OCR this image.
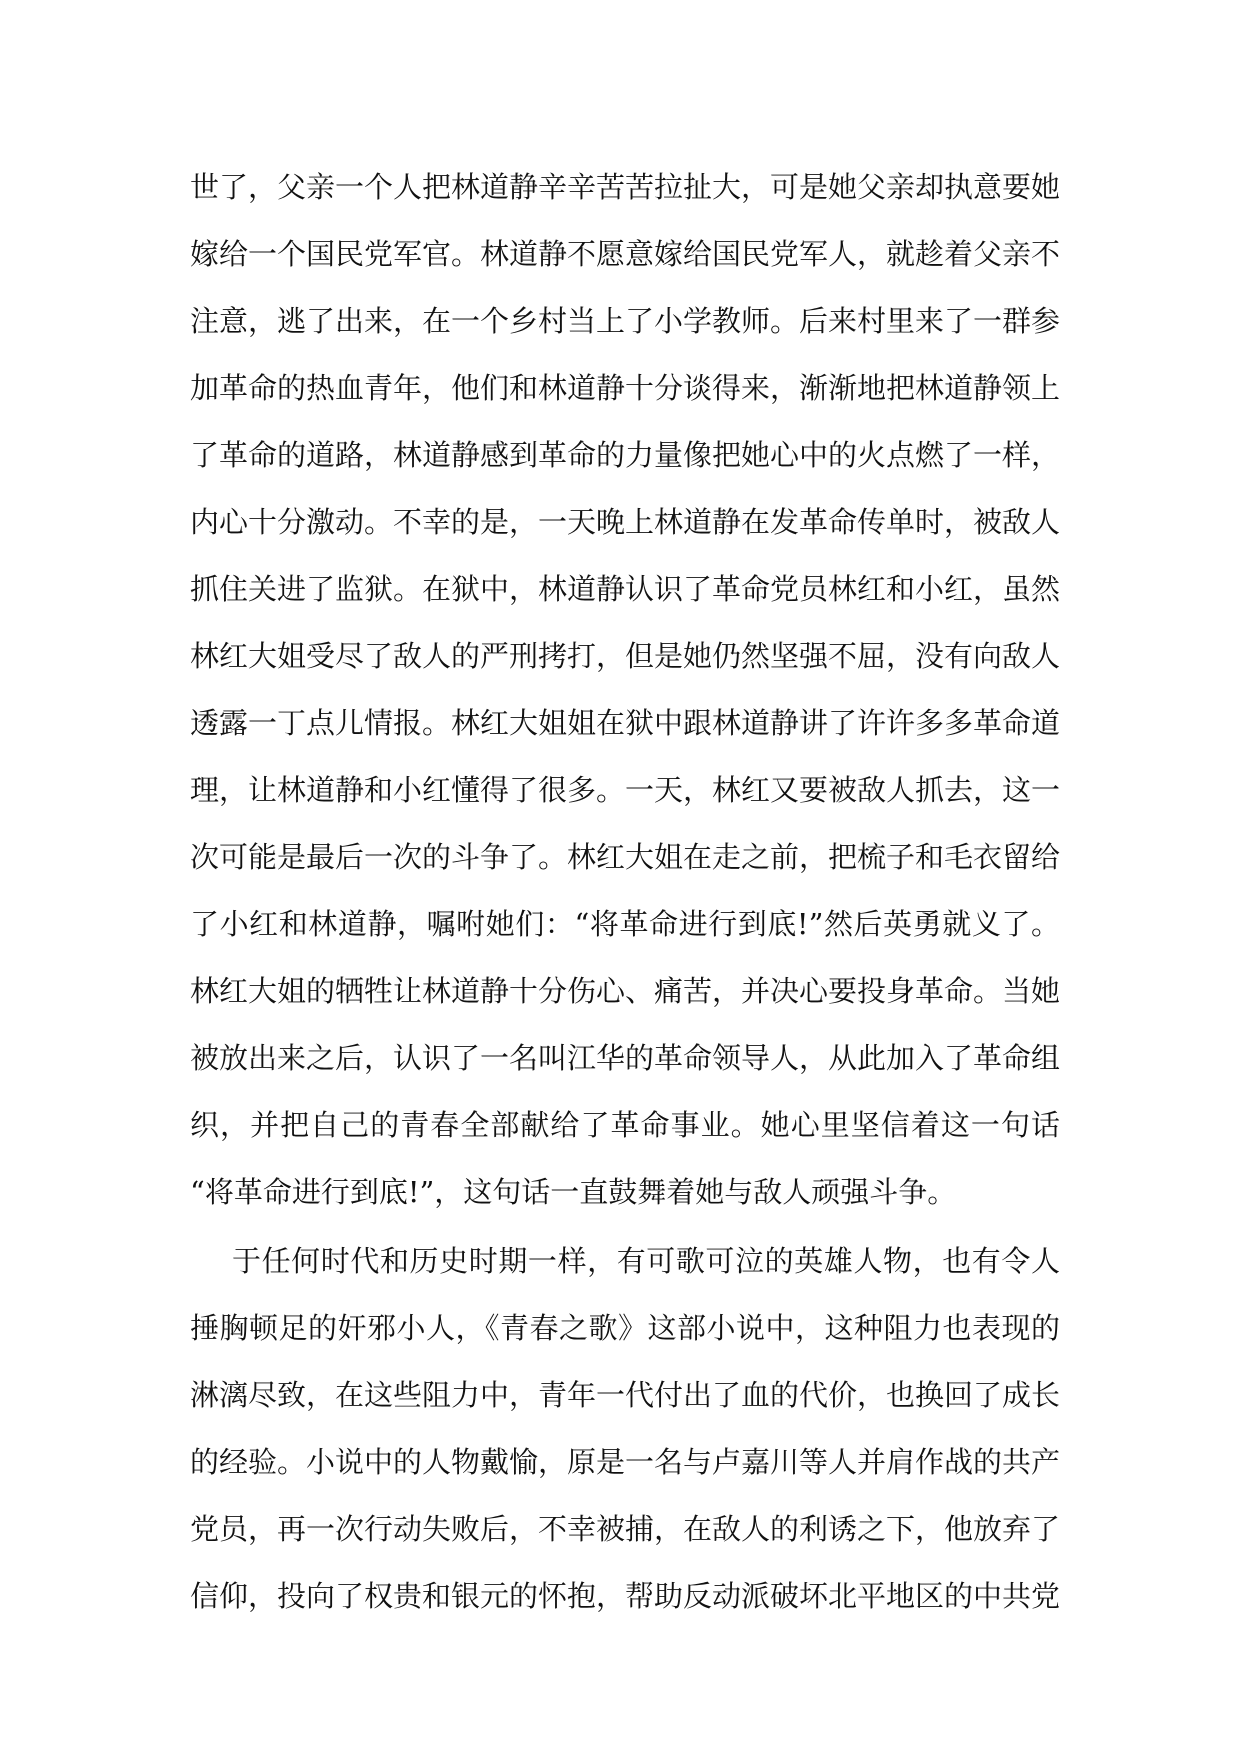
世了，父亲一个人把林道静辛辛苦苦拉扯大，可是她父亲却执意要她
嫁给一个国民党军官。林道静不愿意嫁给国民党军人，就趁着父亲不
注意，逃了出来，在一个乡村当上了小学教师。后来村里来了一群参
加革命的热血青年，他们和林道静十分谈得来，渐渐地把林道静领上
了革命的道路，林道静感到革命的力量像把她心中的火点燃了一样，
内心十分激动。不幸的是，一天晚上林道静在发革命传单时，被敌人
抓住关进了监狱。在狱中，林道静认识了革命党员林红和小红，虽然
林红大姐受尽了敌人的严刑拷打，但是她仍然坚强不屈，没有向敌人
透露一丁点儿情报。林红大姐姐在狱中跟林道静讲了许许多多革命道
理，让林道静和小红懂得了很多。一天，林红又要被敌人抓去，这一
次可能是最后一次的斗争了。林红大姐在走之前，把梳子和毛衣留给
了小红和林道静，嘱咐她们：“将革命进行到底!”然后英勇就义了。
林红大姐的牺牲让林道静十分伤心、痛苦，并决心要投身革命。当她
被放出来之后，认识了一名叫江华的革命领导人，从此加入了革命组
织，并把自己的青春全部献给了革命事业。她心里坚信着这一句话
“将革命进行到底!”，这句话一直鼓舞着她与敌人顽强斗争。
于任何时代和历史时期一样，有可歌可泣的英雄人物，也有令人
捶胸顿足的奸邪小人，《青春之歌》这部小说中，这种阻力也表现的
淋漓尽致，在这些阻力中，青年一代付出了血的代价，也换回了成长
的经验。小说中的人物戴愉，原是一名与卢嘉川等人并肩作战的共产
党员，再一次行动失败后，不幸被捕，在敌人的利诱之下，他放弃了
信仰，投向了权贵和银元的怀抱，帮助反动派破坏北平地区的中共党
